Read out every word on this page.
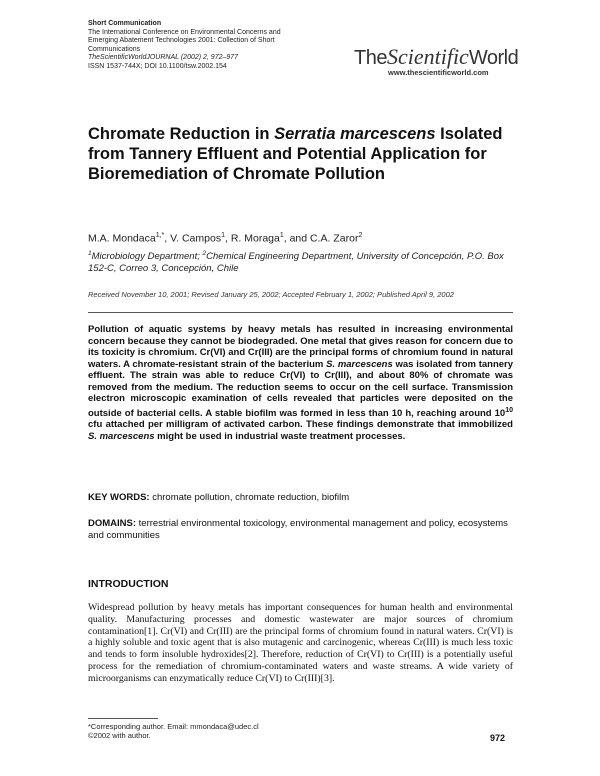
Short Communication
The International Conference on Environmental Concerns and
Emerging Abatement Technologies 2001: Collection of Short
Communications
TheScientificWorldJOURNAL (2002) 2, 972–977
ISSN 1537-744X; DOI 10.1100/tsw.2002.154	TheScientificWorld
www.thescientificworld.com
Chromate Reduction in Serratia marcescens Isolated from Tannery Effluent and Potential Application for Bioremediation of Chromate Pollution
M.A. Mondaca$^{1,*}$, V. Campos$^1$, R. Moraga$^1$, and C.A. Zaror$^2$
$^1$Microbiology Department; $^2$Chemical Engineering Department, University of Concepción, P.O. Box 152-C, Correo 3, Concepción, Chile
Received November 10, 2001; Revised January 25, 2002; Accepted February 1, 2002; Published April 9, 2002

Pollution of aquatic systems by heavy metals has resulted in increasing environmental concern because they cannot be biodegraded. One metal that gives reason for concern due to its toxicity is chromium. Cr(VI) and Cr(III) are the principal forms of chromium found in natural waters. A chromate-resistant strain of the bacterium S. marcescens was isolated from tannery effluent. The strain was able to reduce Cr(VI) to Cr(III), and about 80% of chromate was removed from the medium. The reduction seems to occur on the cell surface. Transmission electron microscopic examination of cells revealed that particles were deposited on the outside of bacterial cells. A stable biofilm was formed in less than 10 h, reaching around $10^{10}$ cfu attached per milligram of activated carbon. These findings demonstrate that immobilized S. marcescens might be used in industrial waste treatment processes.

KEY WORDS: chromate pollution, chromate reduction, biofilm
DOMAINS: terrestrial environmental toxicology, environmental management and policy, ecosystems and communities
INTRODUCTION
Widespread pollution by heavy metals has important consequences for human health and environmental quality. Manufacturing processes and domestic wastewater are major sources of chromium contamination[1]. Cr(VI) and Cr(III) are the principal forms of chromium found in natural waters. Cr(VI) is a highly soluble and toxic agent that is also mutagenic and carcinogenic, whereas Cr(III) is much less toxic and tends to form insoluble hydroxides[2]. Therefore, reduction of Cr(VI) to Cr(III) is a potentially useful process for the remediation of chromium-contaminated waters and waste streams. A wide variety of microorganisms can enzymatically reduce Cr(VI) to Cr(III)[3].
*Corresponding author. Email: mmondaca@udec.cl
©2002 with author.	972
